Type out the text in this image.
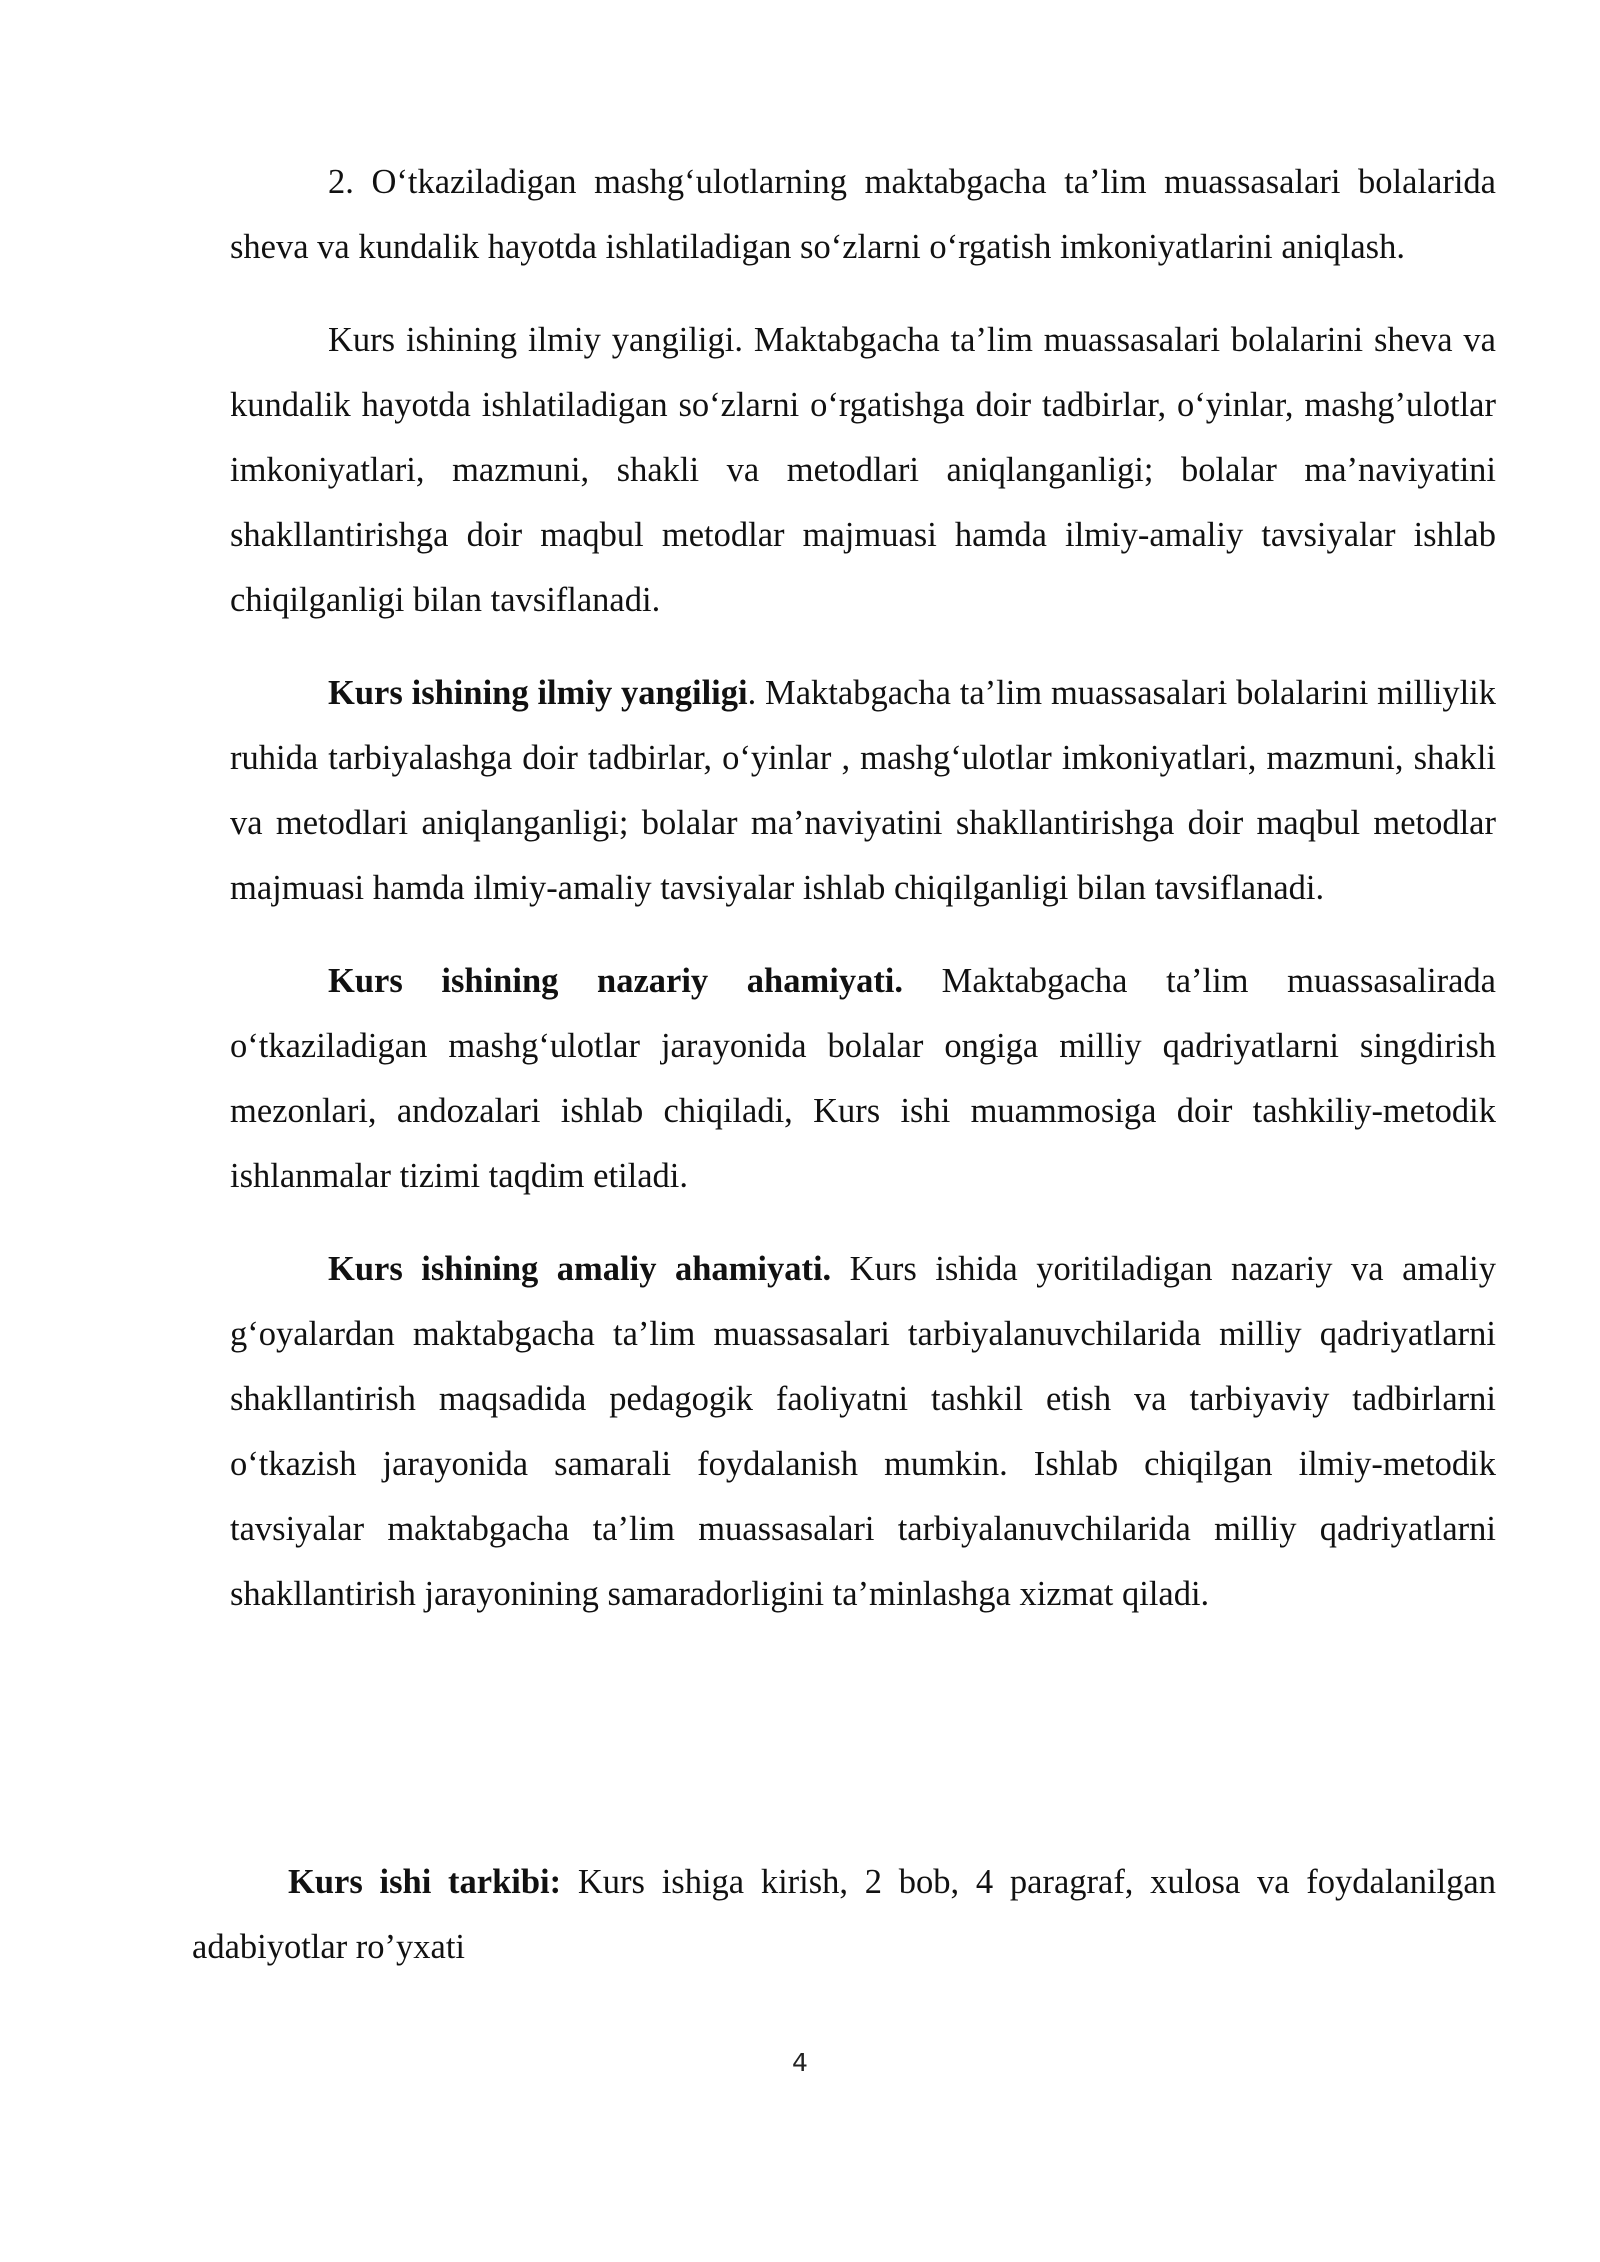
2. O‘tkaziladigan mashg‘ulotlarning maktabgacha ta’lim muassasalari bolalarida sheva va kundalik hayotda ishlatiladigan so‘zlarni o‘rgatish imkoniyatlarini aniqlash.

Kurs ishining ilmiy yangiligi. Maktabgacha ta’lim muassasalari bolalarini sheva va kundalik hayotda ishlatiladigan so‘zlarni o‘rgatishga doir tadbirlar, o‘yinlar, mashg’ulotlar imkoniyatlari, mazmuni, shakli va metodlari aniqlanganligi; bolalar ma’naviyatini shakllantirishga doir maqbul metodlar majmuasi hamda ilmiy-amaliy tavsiyalar ishlab chiqilganligi bilan tavsiflanadi.

Kurs ishining ilmiy yangiligi. Maktabgacha ta’lim muassasalari bolalarini milliylik ruhida tarbiyalashga doir tadbirlar, o‘yinlar , mashg‘ulotlar imkoniyatlari, mazmuni, shakli va metodlari aniqlanganligi; bolalar ma’naviyatini shakllantirishga doir maqbul metodlar majmuasi hamda ilmiy-amaliy tavsiyalar ishlab chiqilganligi bilan tavsiflanadi.

Kurs ishining nazariy ahamiyati. Maktabgacha ta’lim muassasalirada o‘tkaziladigan mashg‘ulotlar jarayonida bolalar ongiga milliy qadriyatlarni singdirish mezonlari, andozalari ishlab chiqiladi, Kurs ishi muammosiga doir tashkiliy-metodik ishlanmalar tizimi taqdim etiladi.

Kurs ishining amaliy ahamiyati. Kurs ishida yoritiladigan nazariy va amaliy g‘oyalardan maktabgacha ta’lim muassasalari tarbiyalanuvchilarida milliy qadriyatlarni shakllantirish maqsadida pedagogik faoliyatni tashkil etish va tarbiyaviy tadbirlarni o‘tkazish jarayonida samarali foydalanish mumkin. Ishlab chiqilgan ilmiy-metodik tavsiyalar maktabgacha ta’lim muassasalari tarbiyalanuvchilarida milliy qadriyatlarni shakllantirish jarayonining samaradorligini ta’minlashga xizmat qiladi.

Kurs ishi tarkibi: Kurs ishiga kirish, 2 bob, 4 paragraf, xulosa va foydalanilgan adabiyotlar ro’yxati

4
